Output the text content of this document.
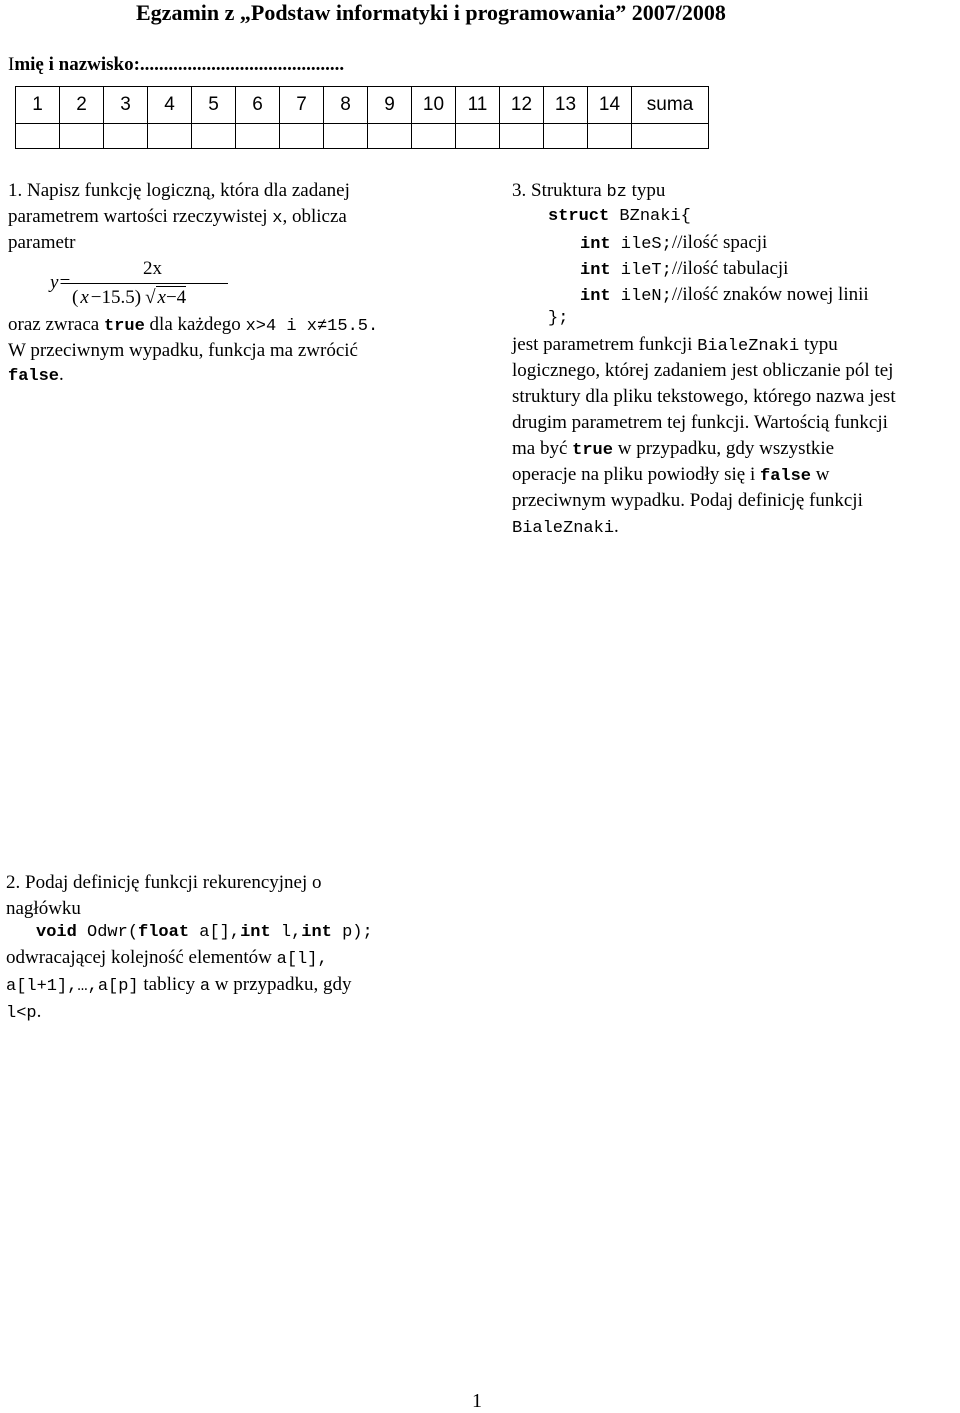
Egzamin z „Podstaw informatyki i programowania” 2007/2008
Imię i nazwisko:...........................................
1	2	3	4	5	6	7	8	9	10	11	12	13	14	suma

1. Napisz funkcję logiczną, która dla zadanej
parametrem wartości rzeczywistej x, oblicza
parametr
y=
2x
( x −15.5) √ x−4
oraz zwraca true dla każdego x>4 i x≠15.5.
W przeciwnym wypadku, funkcja ma zwrócić
false.
3. Struktura bz typu
struct BZnaki{
int ileS;//ilość spacji
int ileT;//ilość tabulacji
int ileN;//ilość znaków nowej linii
};
jest parametrem funkcji BialeZnaki typu
logicznego, której zadaniem jest obliczanie pól tej
struktury dla pliku tekstowego, którego nazwa jest
drugim parametrem tej funkcji. Wartością funkcji
ma być true w przypadku, gdy wszystkie
operacje na pliku powiodły się i false w
przeciwnym wypadku. Podaj definicję funkcji
BialeZnaki.
2. Podaj definicję funkcji rekurencyjnej o
nagłówku
void Odwr(float a[],int l,int p);
odwracającej kolejność elementów a[l],
a[l+1],…,a[p] tablicy a w przypadku, gdy
l<p.
1
